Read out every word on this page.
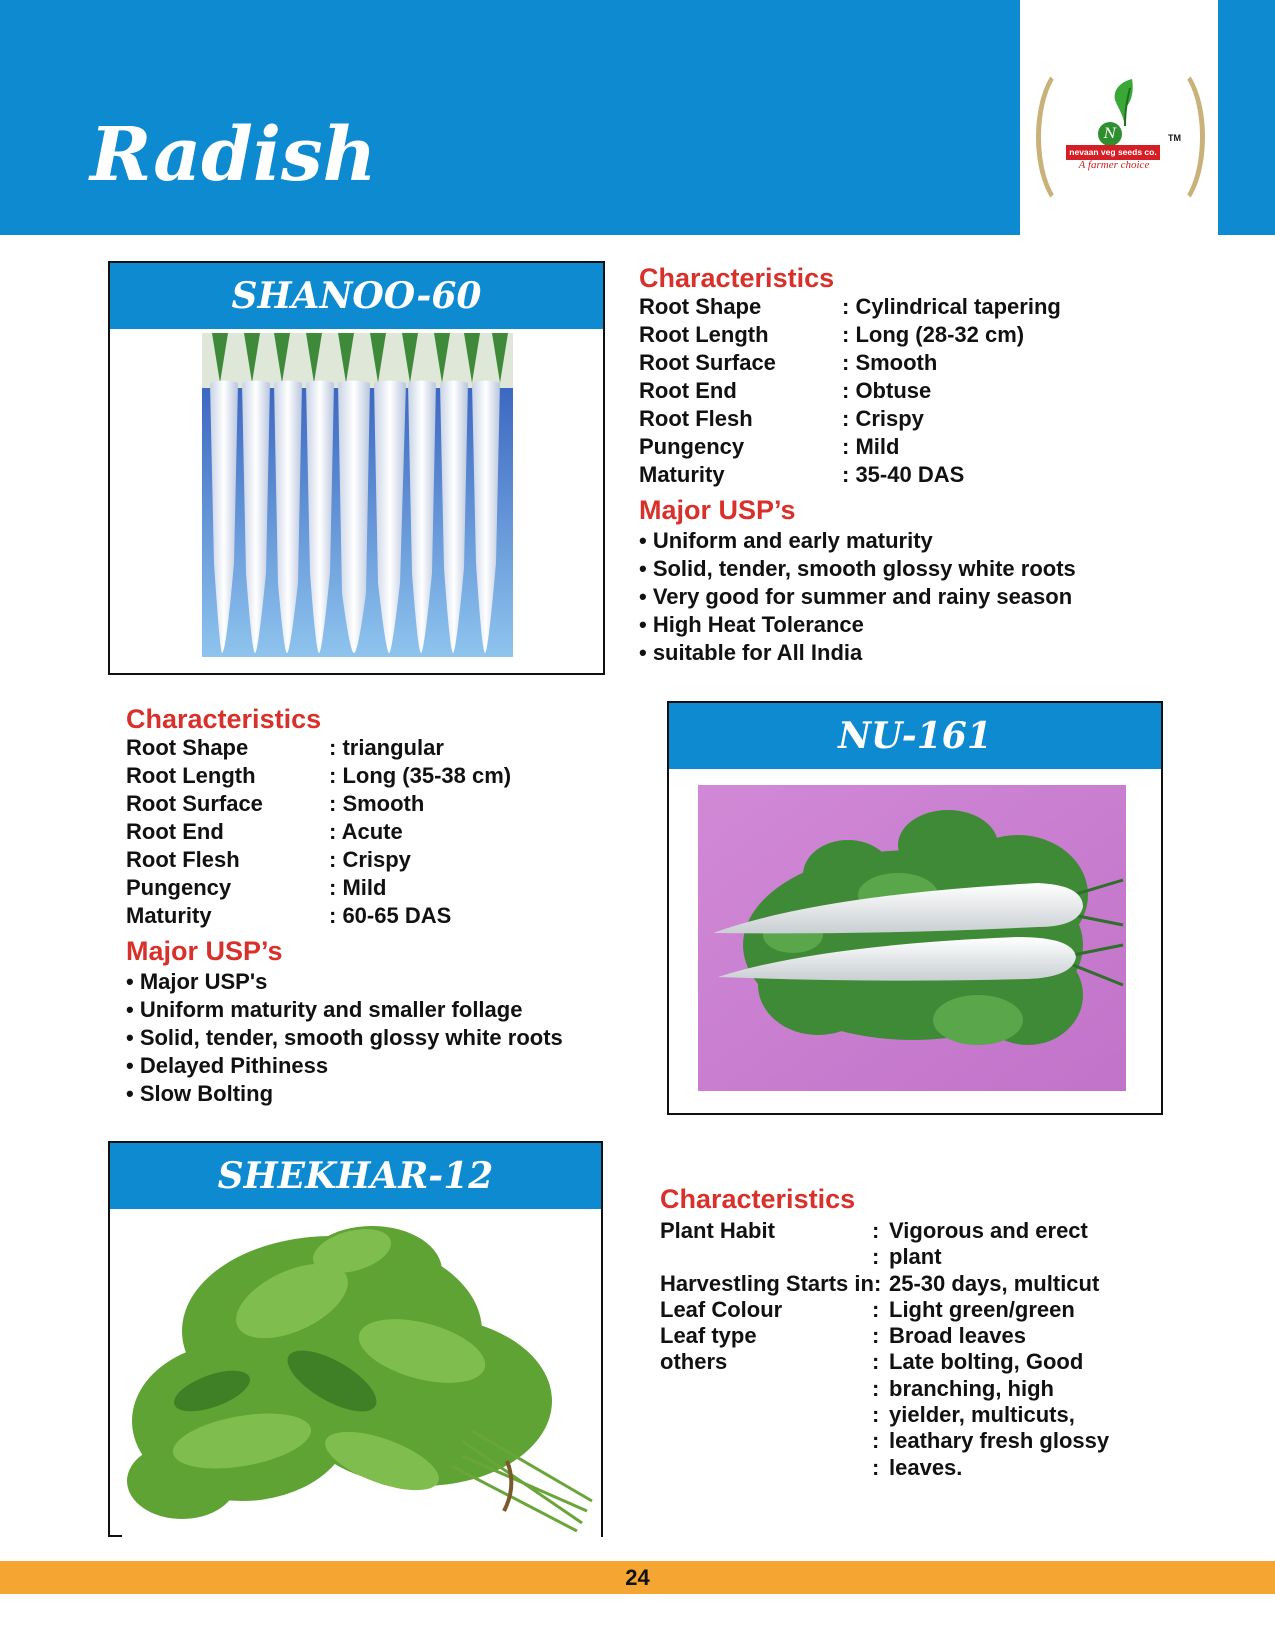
Radish	N
nevaan veg seeds co.
A farmer choice
TM
SHANOO-60	Characteristics
Root Shape	: Cylindrical tapering
Root Length	: Long (28-32 cm)
Root Surface	: Smooth
Root End	: Obtuse
Root Flesh	: Crispy
Pungency	: Mild
Maturity	: 35-40 DAS
Major USP’s
• Uniform and early maturity
• Solid, tender, smooth glossy white roots
• Very good for summer and rainy season
• High Heat Tolerance
• suitable for All India
Characteristics
Root Shape	: triangular
Root Length	: Long (35-38 cm)
Root Surface	: Smooth
Root End	: Acute
Root Flesh	: Crispy
Pungency	: Mild
Maturity	: 60-65 DAS
Major USP’s
• Major USP's
• Uniform maturity and smaller follage
• Solid, tender, smooth glossy white roots
• Delayed Pithiness
• Slow Bolting
NU-161
SHEKHAR-12
Characteristics
Plant Habit	: Vigorous and erect
: plant
Harvestling Starts in: 25-30 days, multicut
Leaf Colour	: Light green/green
Leaf type	: Broad leaves
others	: Late bolting, Good
: branching, high
: yielder, multicuts,
: leathary fresh glossy
: leaves.
24
